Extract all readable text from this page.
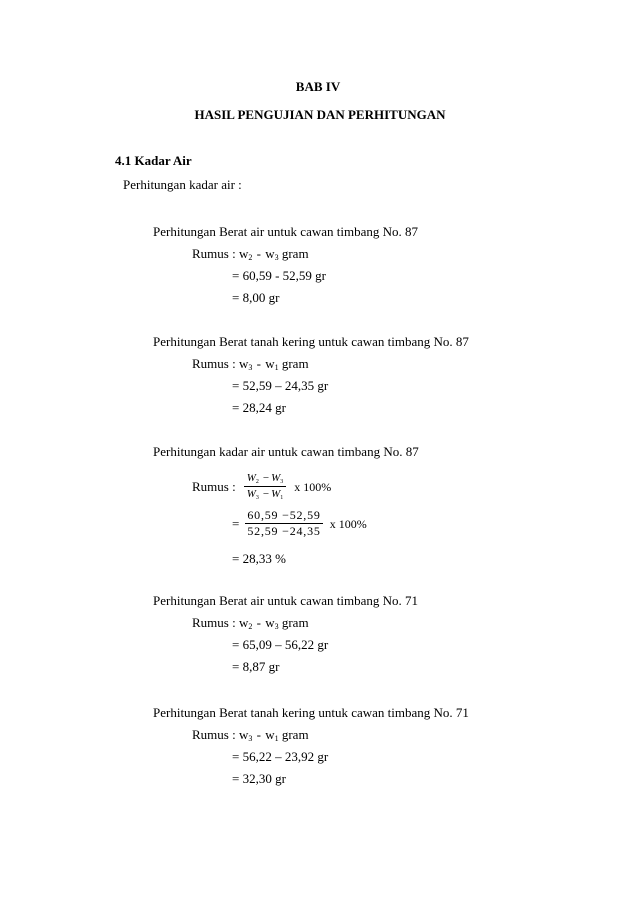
BAB IV
HASIL PENGUJIAN DAN PERHITUNGAN
4.1 Kadar Air
Perhitungan kadar air :
Perhitungan Berat air untuk cawan timbang No. 87
Rumus : $w_2 - w_3$ gram
= 60,59 - 52,59 gr
= 8,00 gr
Perhitungan Berat tanah kering untuk cawan timbang No. 87
Rumus : $w_3 - w_1$ gram
= 52,59 – 24,35 gr
= 28,24 gr
Perhitungan kadar air untuk cawan timbang No. 87
Rumus : $\frac{W_2 - W_3}{W_3 - W_1}$ x 100%
= $\frac{60,59 -52,59}{52,59 -24,35}$ x 100%
= 28,33 %
Perhitungan Berat air untuk cawan timbang No. 71
Rumus : $w_2 - w_3$ gram
= 65,09 – 56,22 gr
= 8,87 gr
Perhitungan Berat tanah kering untuk cawan timbang No. 71
Rumus : $w_3 - w_1$ gram
= 56,22 – 23,92 gr
= 32,30 gr
